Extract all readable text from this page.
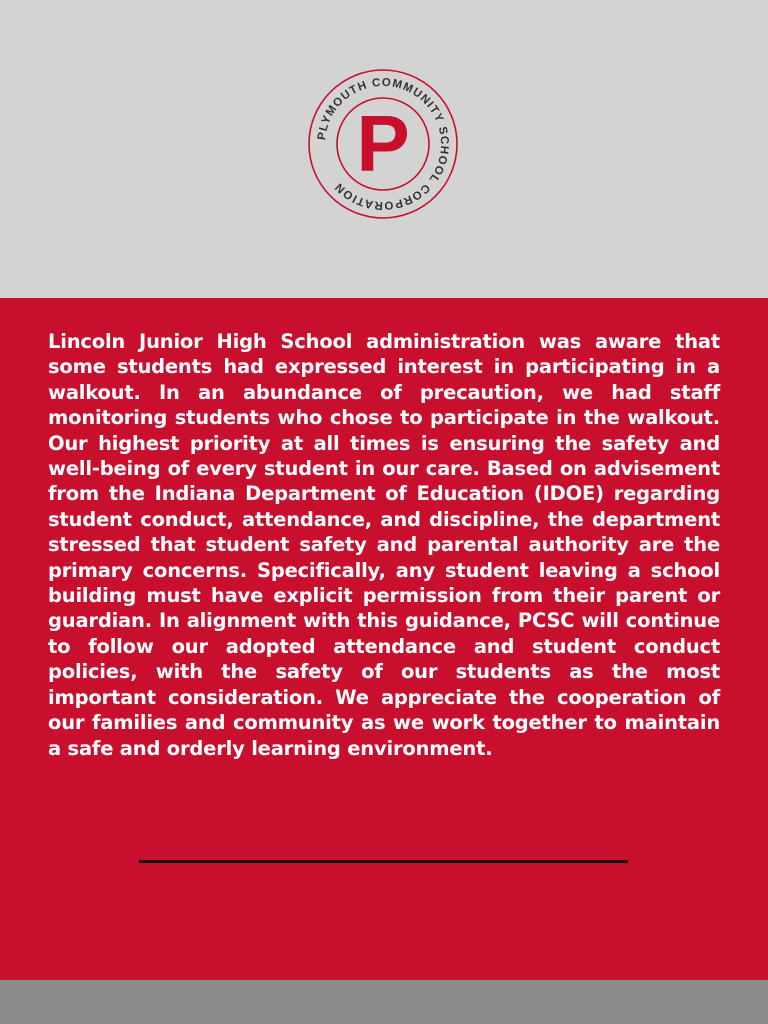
PLYMOUTH COMMUNITY SCHOOL CORPORATION P

Lincoln Junior High School administration was aware that some students had expressed interest in participating in a walkout. In an abundance of precaution, we had staff monitoring students who chose to participate in the walkout. Our highest priority at all times is ensuring the safety and well-being of every student in our care. Based on advisement from the Indiana Department of Education (IDOE) regarding student conduct, attendance, and discipline, the department stressed that student safety and parental authority are the primary concerns. Specifically, any student leaving a school building must have explicit permission from their parent or guardian. In alignment with this guidance, PCSC will continue to follow our adopted attendance and student conduct policies, with the safety of our students as the most important consideration. We appreciate the cooperation of our families and community as we work together to maintain a safe and orderly learning environment.
